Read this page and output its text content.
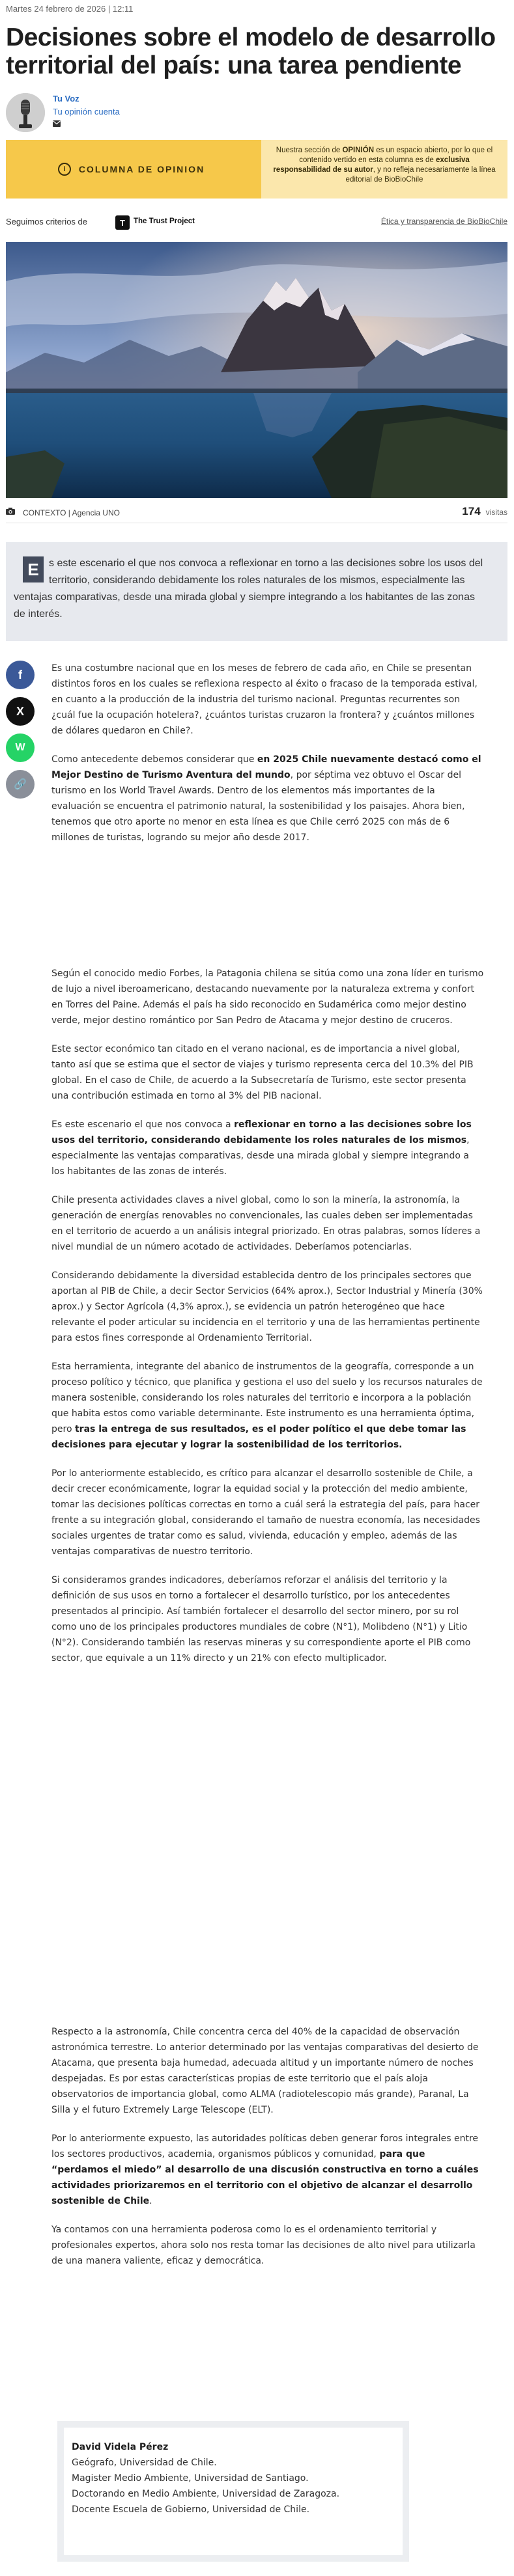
Martes 24 febrero de 2026 | 12:11
Decisiones sobre el modelo de desarrollo territorial del país: una tarea pendiente
Tu Voz
Tu opinión cuenta
i	COLUMNA DE OPINION
Nuestra sección de OPINIÓN es un espacio abierto, por lo que el contenido vertido en esta columna es de exclusiva responsabilidad de su autor, y no refleja necesariamente la línea editorial de BioBioChile
Seguimos criterios de	T	The Trust Project	Ética y transparencia de BioBioChile
CONTEXTO | Agencia UNO	174 visitas
E s este escenario el que nos convoca a reflexionar en torno a las decisiones sobre los usos del territorio, considerando debidamente los roles naturales de los mismos, especialmente las ventajas comparativas, desde una mirada global y siempre integrando a los habitantes de las zonas de interés.
f
X
W
🔗

Es una costumbre nacional que en los meses de febrero de cada año, en Chile se presentan distintos foros en los cuales se reflexiona respecto al éxito o fracaso de la temporada estival, en cuanto a la producción de la industria del turismo nacional. Preguntas recurrentes son ¿cuál fue la ocupación hotelera?, ¿cuántos turistas cruzaron la frontera? y ¿cuántos millones de dólares quedaron en Chile?.

Como antecedente debemos considerar que en 2025 Chile nuevamente destacó como el Mejor Destino de Turismo Aventura del mundo, por séptima vez obtuvo el Oscar del turismo en los World Travel Awards. Dentro de los elementos más importantes de la evaluación se encuentra el patrimonio natural, la sostenibilidad y los paisajes. Ahora bien, tenemos que otro aporte no menor en esta línea es que Chile cerró 2025 con más de 6 millones de turistas, logrando su mejor año desde 2017.

Según el conocido medio Forbes, la Patagonia chilena se sitúa como una zona líder en turismo de lujo a nivel iberoamericano, destacando nuevamente por la naturaleza extrema y confort en Torres del Paine. Además el país ha sido reconocido en Sudamérica como mejor destino verde, mejor destino romántico por San Pedro de Atacama y mejor destino de cruceros.

Este sector económico tan citado en el verano nacional, es de importancia a nivel global, tanto así que se estima que el sector de viajes y turismo representa cerca del 10.3% del PIB global. En el caso de Chile, de acuerdo a la Subsecretaría de Turismo, este sector presenta una contribución estimada en torno al 3% del PIB nacional.

Es este escenario el que nos convoca a reflexionar en torno a las decisiones sobre los usos del territorio, considerando debidamente los roles naturales de los mismos, especialmente las ventajas comparativas, desde una mirada global y siempre integrando a los habitantes de las zonas de interés.

Chile presenta actividades claves a nivel global, como lo son la minería, la astronomía, la generación de energías renovables no convencionales, las cuales deben ser implementadas en el territorio de acuerdo a un análisis integral priorizado. En otras palabras, somos líderes a nivel mundial de un número acotado de actividades. Deberíamos potenciarlas.

Considerando debidamente la diversidad establecida dentro de los principales sectores que aportan al PIB de Chile, a decir Sector Servicios (64% aprox.), Sector Industrial y Minería (30% aprox.) y Sector Agrícola (4,3% aprox.), se evidencia un patrón heterogéneo que hace relevante el poder articular su incidencia en el territorio y una de las herramientas pertinente para estos fines corresponde al Ordenamiento Territorial.

Esta herramienta, integrante del abanico de instrumentos de la geografía, corresponde a un proceso político y técnico, que planifica y gestiona el uso del suelo y los recursos naturales de manera sostenible, considerando los roles naturales del territorio e incorpora a la población que habita estos como variable determinante. Este instrumento es una herramienta óptima, pero tras la entrega de sus resultados, es el poder político el que debe tomar las decisiones para ejecutar y lograr la sostenibilidad de los territorios.

Por lo anteriormente establecido, es crítico para alcanzar el desarrollo sostenible de Chile, a decir crecer económicamente, lograr la equidad social y la protección del medio ambiente, tomar las decisiones políticas correctas en torno a cuál será la estrategia del país, para hacer frente a su integración global, considerando el tamaño de nuestra economía, las necesidades sociales urgentes de tratar como es salud, vivienda, educación y empleo, además de las ventajas comparativas de nuestro territorio.

Si consideramos grandes indicadores, deberíamos reforzar el análisis del territorio y la definición de sus usos en torno a fortalecer el desarrollo turístico, por los antecedentes presentados al principio. Así también fortalecer el desarrollo del sector minero, por su rol como uno de los principales productores mundiales de cobre (N°1), Molibdeno (N°1) y Litio (N°2). Considerando también las reservas mineras y su correspondiente aporte el PIB como sector, que equivale a un 11% directo y un 21% con efecto multiplicador.

Respecto a la astronomía, Chile concentra cerca del 40% de la capacidad de observación astronómica terrestre. Lo anterior determinado por las ventajas comparativas del desierto de Atacama, que presenta baja humedad, adecuada altitud y un importante número de noches despejadas. Es por estas características propias de este territorio que el país aloja observatorios de importancia global, como ALMA (radiotelescopio más grande), Paranal, La Silla y el futuro Extremely Large Telescope (ELT).

Por lo anteriormente expuesto, las autoridades políticas deben generar foros integrales entre los sectores productivos, academia, organismos públicos y comunidad, para que “perdamos el miedo” al desarrollo de una discusión constructiva en torno a cuáles actividades priorizaremos en el territorio con el objetivo de alcanzar el desarrollo sostenible de Chile.

Ya contamos con una herramienta poderosa como lo es el ordenamiento territorial y profesionales expertos, ahora solo nos resta tomar las decisiones de alto nivel para utilizarla de una manera valiente, eficaz y democrática.

David Videla Pérez
Geógrafo, Universidad de Chile.
Magister Medio Ambiente, Universidad de Santiago.
Doctorando en Medio Ambiente, Universidad de Zaragoza.
Docente Escuela de Gobierno, Universidad de Chile.
